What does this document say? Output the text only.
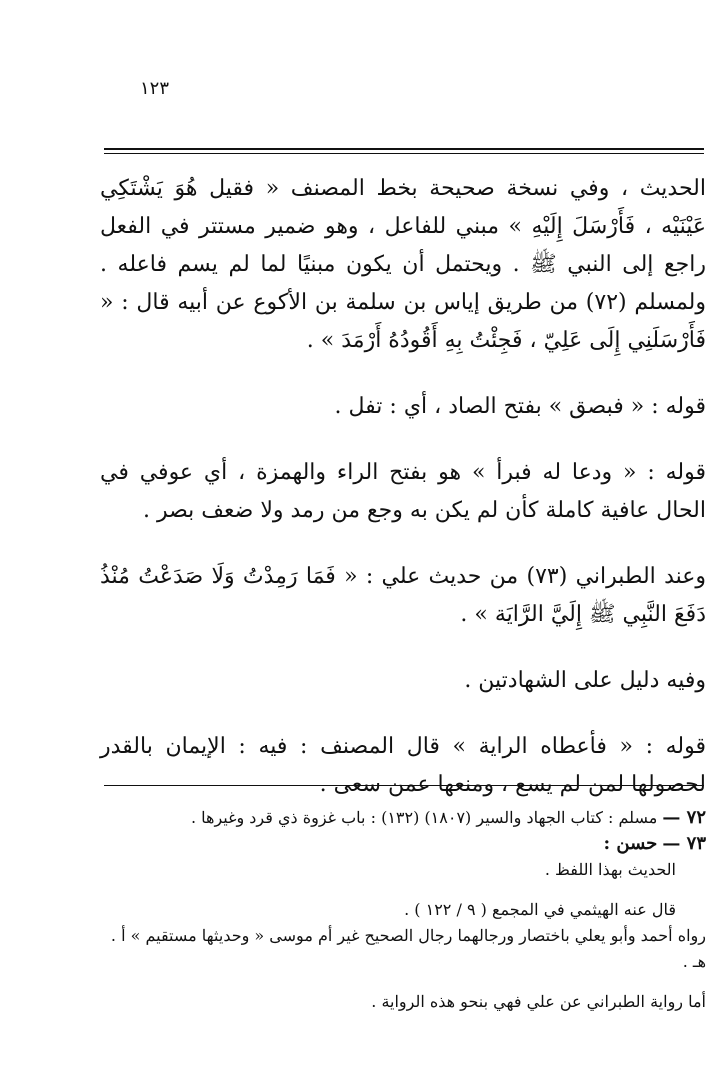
١٢٣

الحديث ، وفي نسخة صحيحة بخط المصنف « فقيل هُوَ يَشْتَكِي عَيْنَيْه ، فَأَرْسَلَ إِلَيْهِ » مبني للفاعل ، وهو ضمير مستتر في الفعل راجع إلى النبي ﷺ . ويحتمل أن يكون مبنيًا لما لم يسم فاعله . ولمسلم (٧٢) من طريق إياس بن سلمة بن الأكوع عن أبيه قال : « فَأَرْسَلَنِي إِلَى عَلِيّ ، فَجِئْتُ بِهِ أَقُودُهُ أَرْمَدَ » .

قوله : « فبصق » بفتح الصاد ، أي : تفل .

قوله : « ودعا له فبرأ » هو بفتح الراء والهمزة ، أي عوفي في الحال عافية كاملة كأن لم يكن به وجع من رمد ولا ضعف بصر .

وعند الطبراني (٧٣) من حديث علي : « فَمَا رَمِدْتُ وَلَا صَدَعْتُ مُنْذُ دَفَعَ النَّبِي ﷺ إِلَيَّ الرَّايَة » .

وفيه دليل على الشهادتين .

قوله : « فأعطاه الراية » قال المصنف : فيه : الإيمان بالقدر لحصولها لمن لم يسع ، ومنعها عمن سعى .

٧٢ — مسلم : كتاب الجهاد والسير (١٨٠٧) (١٣٢) : باب غزوة ذي قرد وغيرها .

٧٣ — حسن :

الحديث بهذا اللفظ .

قال عنه الهيثمي في المجمع ( ٩ / ١٢٢ ) .

رواه أحمد وأبو يعلي باختصار ورجالهما رجال الصحيح غير أم موسى « وحديثها مستقيم » أ . هـ .

أما رواية الطبراني عن علي فهي بنحو هذه الرواية .
